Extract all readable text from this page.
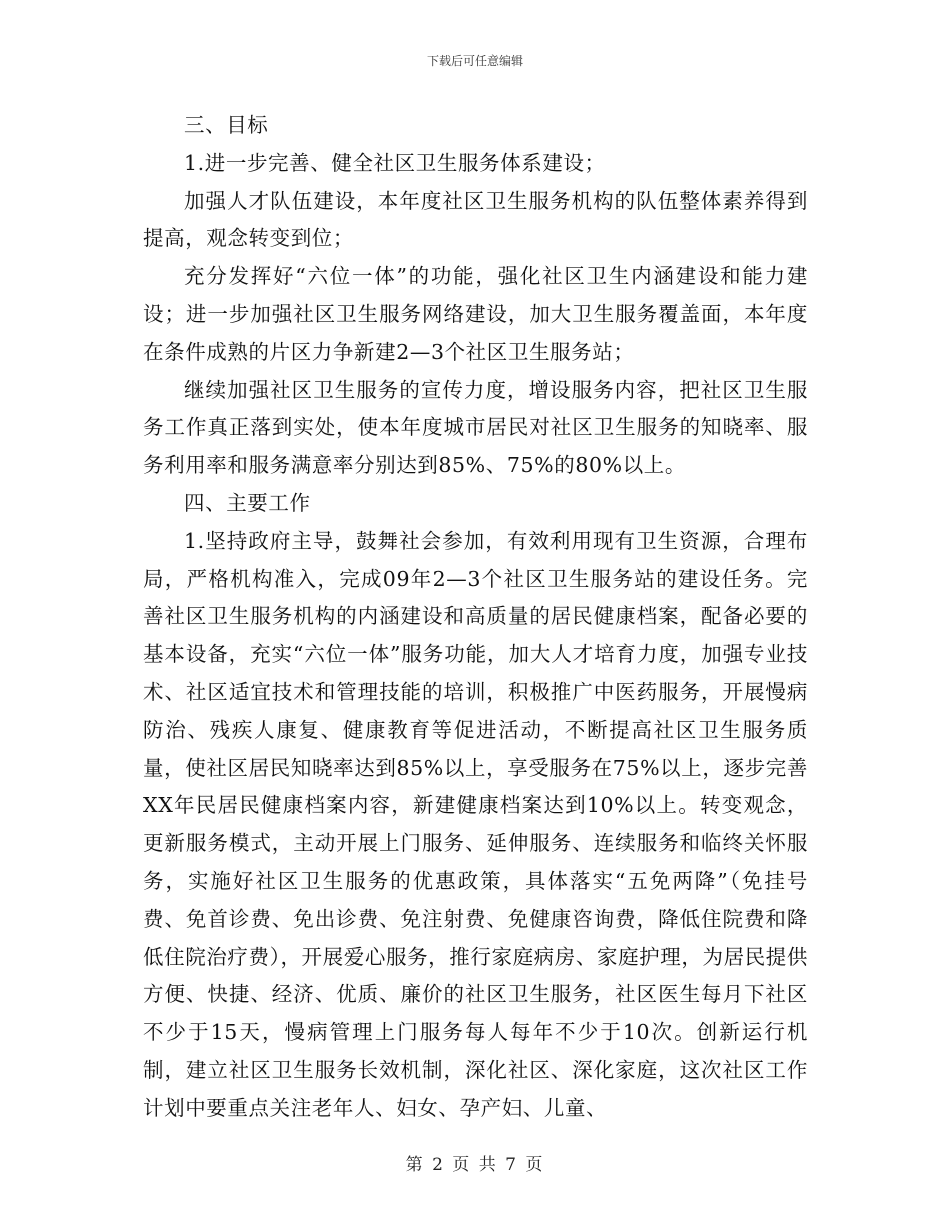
下载后可任意编辑

三、目标

1.进一步完善、健全社区卫生服务体系建设；

加强人才队伍建设，本年度社区卫生服务机构的队伍整体素养得到提高，观念转变到位；

充分发挥好“六位一体”的功能，强化社区卫生内涵建设和能力建设；进一步加强社区卫生服务网络建设，加大卫生服务覆盖面，本年度在条件成熟的片区力争新建2—3个社区卫生服务站；

继续加强社区卫生服务的宣传力度，增设服务内容，把社区卫生服务工作真正落到实处，使本年度城市居民对社区卫生服务的知晓率、服务利用率和服务满意率分别达到85%、75%的80%以上。

四、主要工作

1.坚持政府主导，鼓舞社会参加，有效利用现有卫生资源，合理布局，严格机构准入，完成09年2—3个社区卫生服务站的建设任务。完善社区卫生服务机构的内涵建设和高质量的居民健康档案，配备必要的基本设备，充实“六位一体”服务功能，加大人才培育力度，加强专业技术、社区适宜技术和管理技能的培训，积极推广中医药服务，开展慢病防治、残疾人康复、健康教育等促进活动，不断提高社区卫生服务质量，使社区居民知晓率达到85%以上，享受服务在75%以上，逐步完善XX年民居民健康档案内容，新建健康档案达到10%以上。转变观念，更新服务模式，主动开展上门服务、延伸服务、连续服务和临终关怀服务，实施好社区卫生服务的优惠政策，具体落实“五免两降”（免挂号费、免首诊费、免出诊费、免注射费、免健康咨询费，降低住院费和降低住院治疗费），开展爱心服务，推行家庭病房、家庭护理，为居民提供方便、快捷、经济、优质、廉价的社区卫生服务，社区医生每月下社区不少于15天，慢病管理上门服务每人每年不少于10次。创新运行机制，建立社区卫生服务长效机制，深化社区、深化家庭，这次社区工作计划中要重点关注老年人、妇女、孕产妇、儿童、

第 2 页 共 7 页
